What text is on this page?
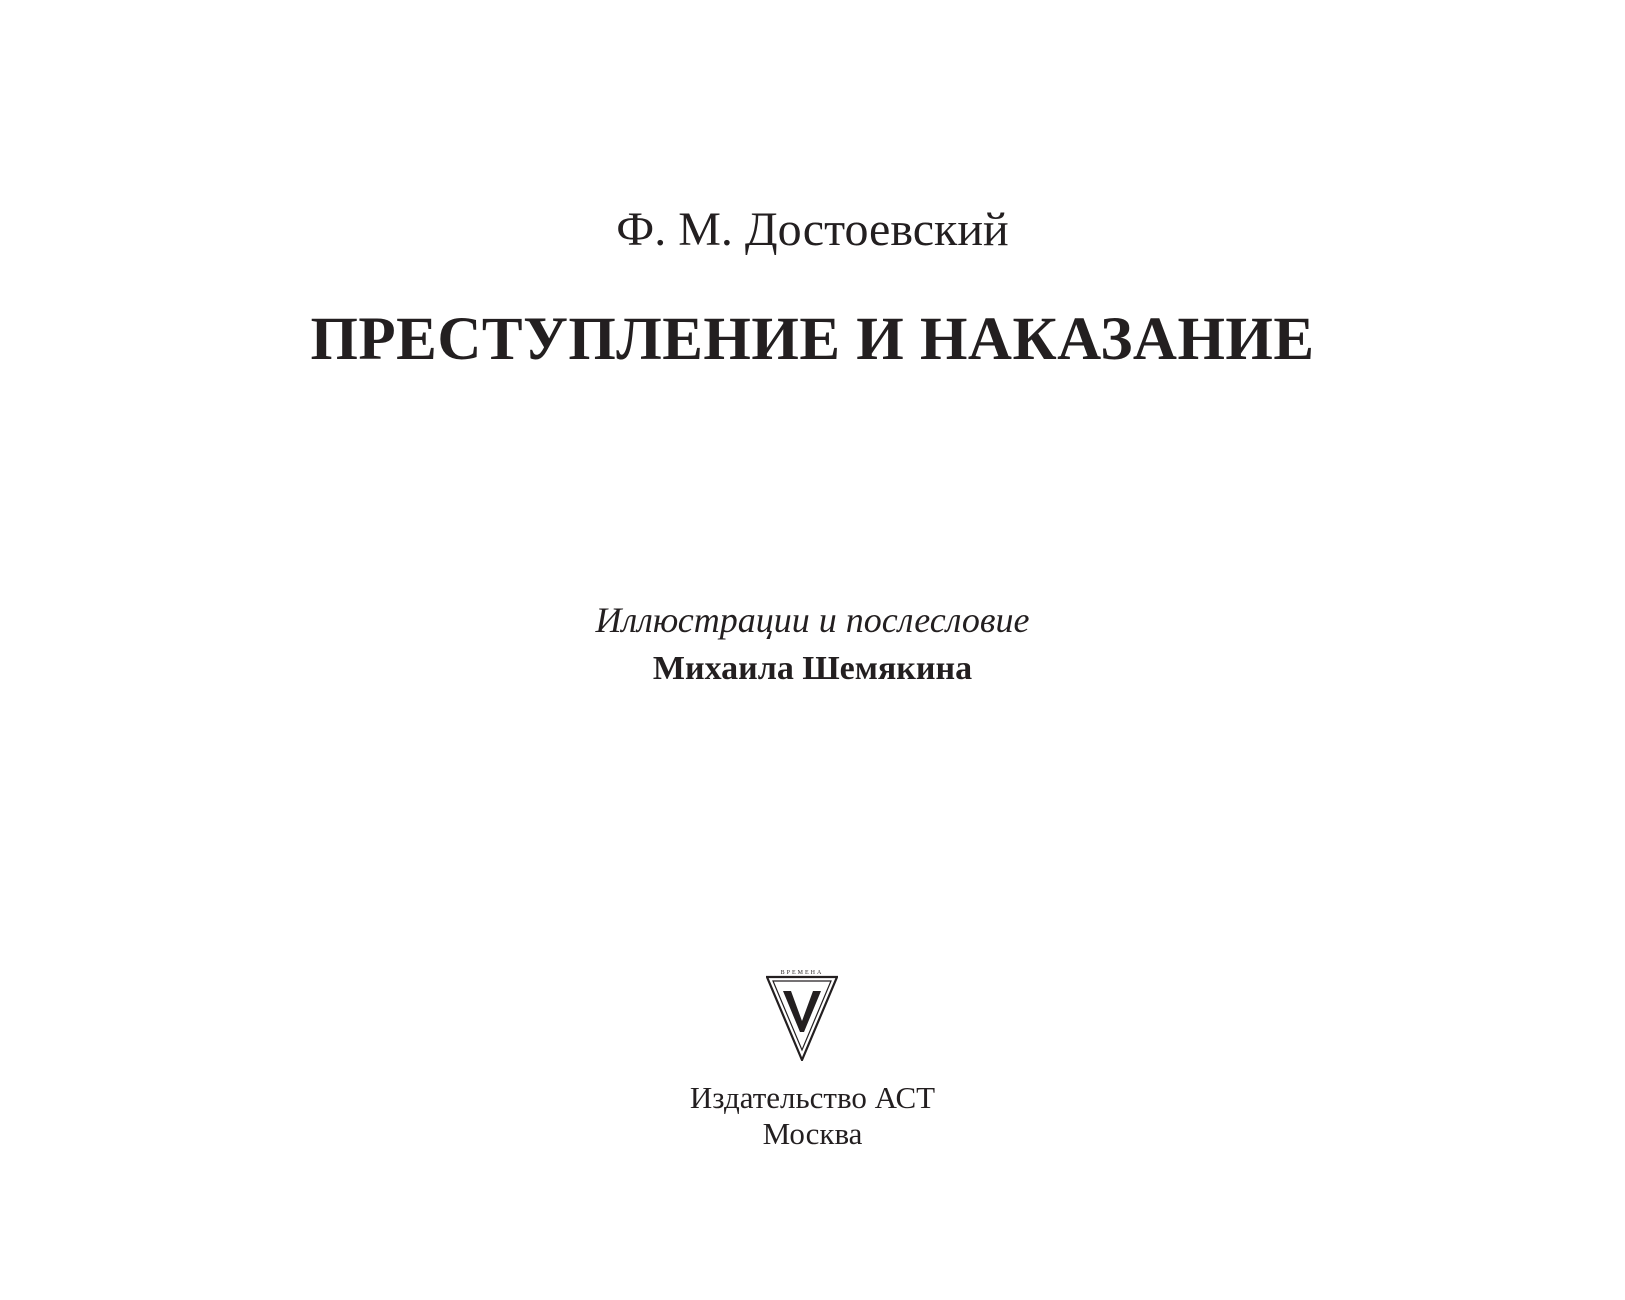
Ф. М. Достоевский
ПРЕСТУПЛЕНИЕ И НАКАЗАНИЕ
Иллюстрации и послесловие
Михаила Шемякина
ВРЕМЕНА
Издательство АСТ
Москва
